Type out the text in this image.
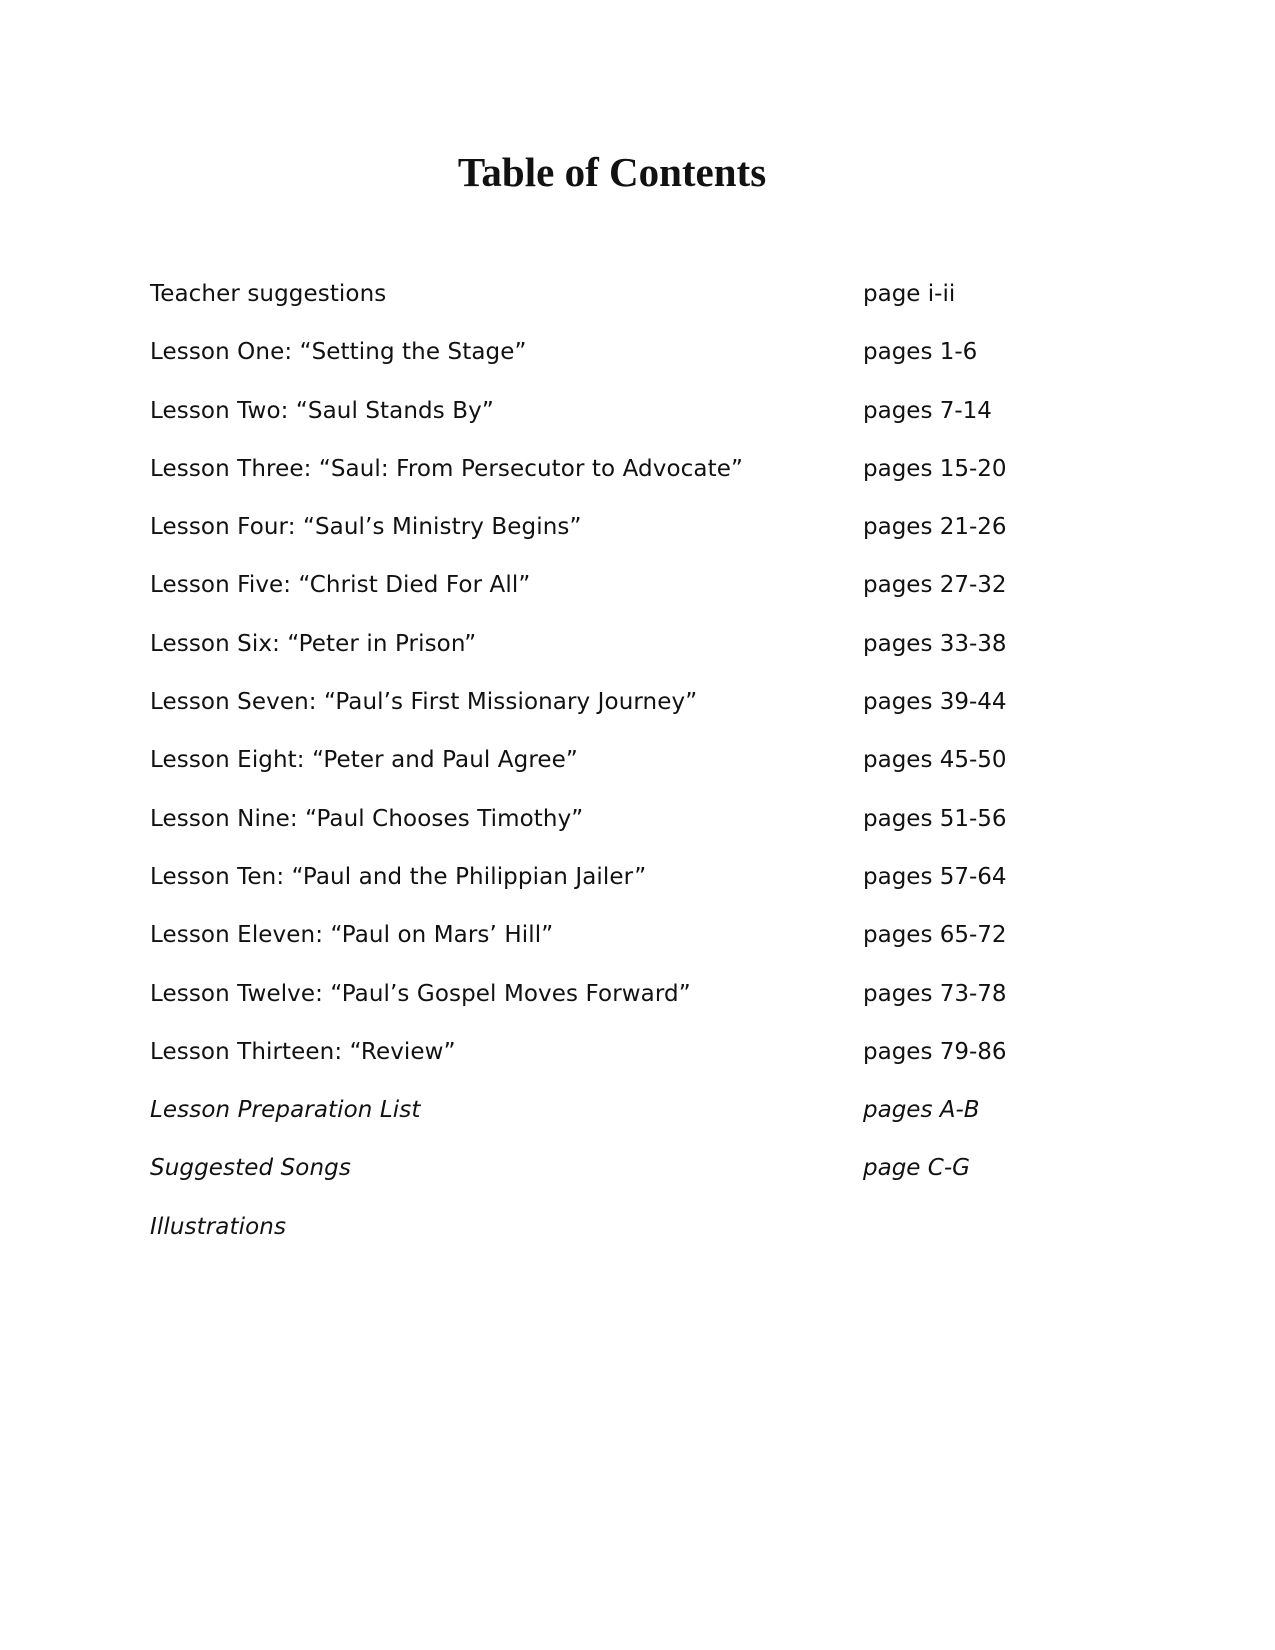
Table of Contents
Teacher suggestions	page i-ii
Lesson One: “Setting the Stage”	pages 1-6
Lesson Two: “Saul Stands By”	pages 7-14
Lesson Three: “Saul: From Persecutor to Advocate”	pages 15-20
Lesson Four: “Saul’s Ministry Begins”	pages 21-26
Lesson Five: “Christ Died For All”	pages 27-32
Lesson Six: “Peter in Prison”	pages 33-38
Lesson Seven: “Paul’s First Missionary Journey”	pages 39-44
Lesson Eight: “Peter and Paul Agree”	pages 45-50
Lesson Nine: “Paul Chooses Timothy”	pages 51-56
Lesson Ten: “Paul and the Philippian Jailer”	pages 57-64
Lesson Eleven: “Paul on Mars’ Hill”	pages 65-72
Lesson Twelve: “Paul’s Gospel Moves Forward”	pages 73-78
Lesson Thirteen: “Review”	pages 79-86
Lesson Preparation List	pages A-B
Suggested Songs	page C-G
Illustrations
